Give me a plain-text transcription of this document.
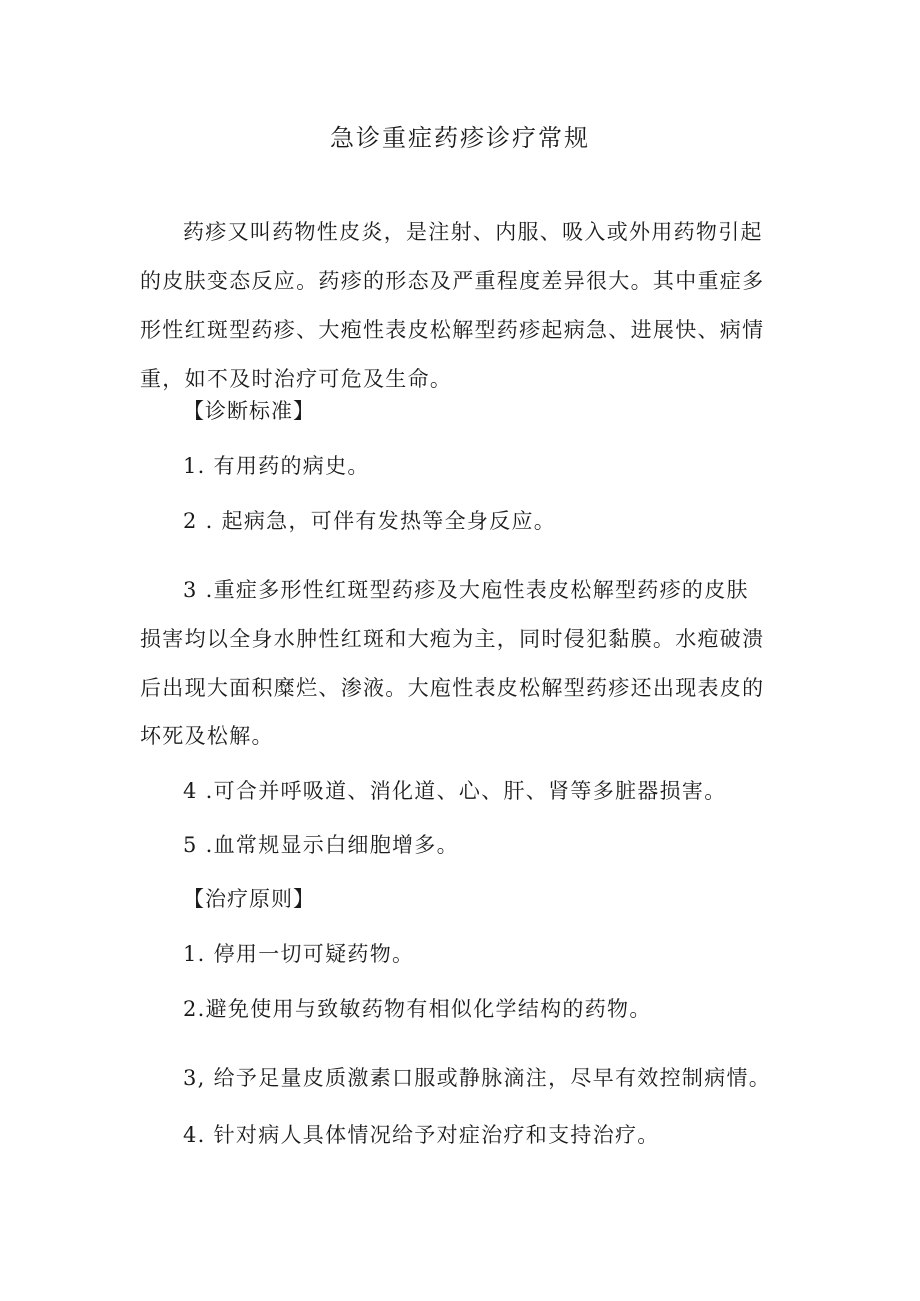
急诊重症药疹诊疗常规
药疹又叫药物性皮炎，是注射、内服、吸入或外用药物引起
的皮肤变态反应。药疹的形态及严重程度差异很大。其中重症多
形性红斑型药疹、大疱性表皮松解型药疹起病急、进展快、病情
重，如不及时治疗可危及生命。
【诊断标准】
1. 有用药的病史。
2 . 起病急，可伴有发热等全身反应。
3 .重症多形性红斑型药疹及大庖性表皮松解型药疹的皮肤
损害均以全身水肿性红斑和大疱为主，同时侵犯黏膜。水疱破溃
后出现大面积糜烂、渗液。大庖性表皮松解型药疹还出现表皮的
坏死及松解。
4 .可合并呼吸道、消化道、心、肝、肾等多脏器损害。
5 .血常规显示白细胞增多。
【治疗原则】
1. 停用一切可疑药物。
2.避免使用与致敏药物有相似化学结构的药物。
3, 给予足量皮质激素口服或静脉滴注，尽早有效控制病情。
4. 针对病人具体情况给予对症治疗和支持治疗。
